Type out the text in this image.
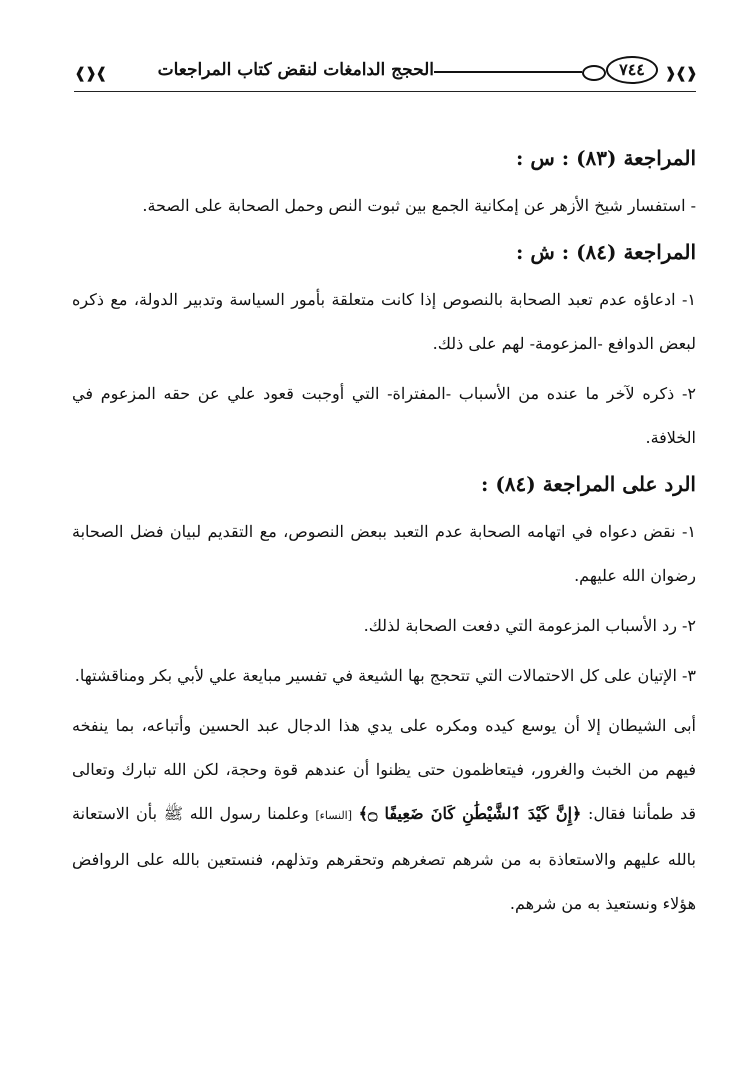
❰❱❰	الحجج الدامغات لنقض كتاب المراجعات	٧٤٤	❱❰❱
المراجعة (٨٣) : س :

- استفسار شيخ الأزهر عن إمكانية الجمع بين ثبوت النص وحمل الصحابة على الصحة.

المراجعة (٨٤) : ش :

١- ادعاؤه عدم تعبد الصحابة بالنصوص إذا كانت متعلقة بأمور السياسة وتدبير الدولة، مع ذكره لبعض الدوافع -المزعومة- لهم على ذلك.

٢- ذكره لآخر ما عنده من الأسباب -المفتراة- التي أوجبت قعود علي عن حقه المزعوم في الخلافة.

الرد على المراجعة (٨٤) :

١- نقض دعواه في اتهامه الصحابة عدم التعبد ببعض النصوص، مع التقديم لبيان فضل الصحابة رضوان الله عليهم.

٢- رد الأسباب المزعومة التي دفعت الصحابة لذلك.

٣- الإتيان على كل الاحتمالات التي تتحجج بها الشيعة في تفسير مبايعة علي لأبي بكر ومناقشتها.

أبى الشيطان إلا أن يوسع كيده ومكره على يدي هذا الدجال عبد الحسين وأتباعه، بما ينفخه فيهم من الخبث والغرور، فيتعاظمون حتى يظنوا أن عندهم قوة وحجة، لكن الله تبارك وتعالى قد طمأننا فقال: ﴿إِنَّ كَيْدَ ٱلشَّيْطَٰنِ كَانَ ضَعِيفًا ۝﴾ [النساء] وعلمنا رسول الله ﷺ بأن الاستعانة بالله عليهم والاستعاذة به من شرهم تصغرهم وتحقرهم وتذلهم، فنستعين بالله على الروافض هؤلاء ونستعيذ به من شرهم.
